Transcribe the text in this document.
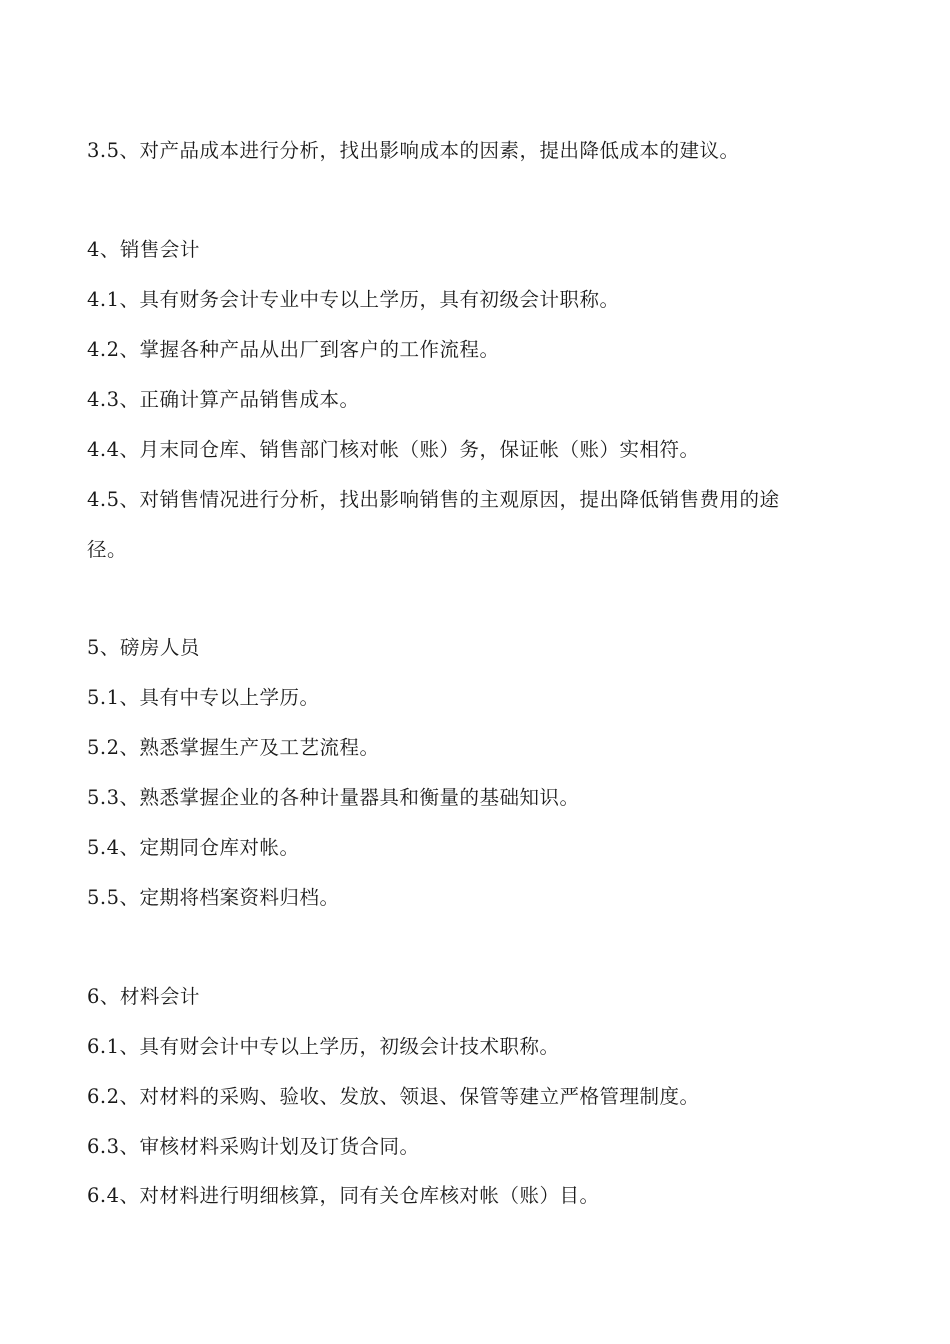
3.5、对产品成本进行分析，找出影响成本的因素，提出降低成本的建议。
4、销售会计
4.1、具有财务会计专业中专以上学历，具有初级会计职称。
4.2、掌握各种产品从出厂到客户的工作流程。
4.3、正确计算产品销售成本。
4.4、月末同仓库、销售部门核对帐（账）务，保证帐（账）实相符。
4.5、对销售情况进行分析，找出影响销售的主观原因，提出降低销售费用的途
径。
5、磅房人员
5.1、具有中专以上学历。
5.2、熟悉掌握生产及工艺流程。
5.3、熟悉掌握企业的各种计量器具和衡量的基础知识。
5.4、定期同仓库对帐。
5.5、定期将档案资料归档。
6、材料会计
6.1、具有财会计中专以上学历，初级会计技术职称。
6.2、对材料的采购、验收、发放、领退、保管等建立严格管理制度。
6.3、审核材料采购计划及订货合同。
6.4、对材料进行明细核算，同有关仓库核对帐（账）目。
